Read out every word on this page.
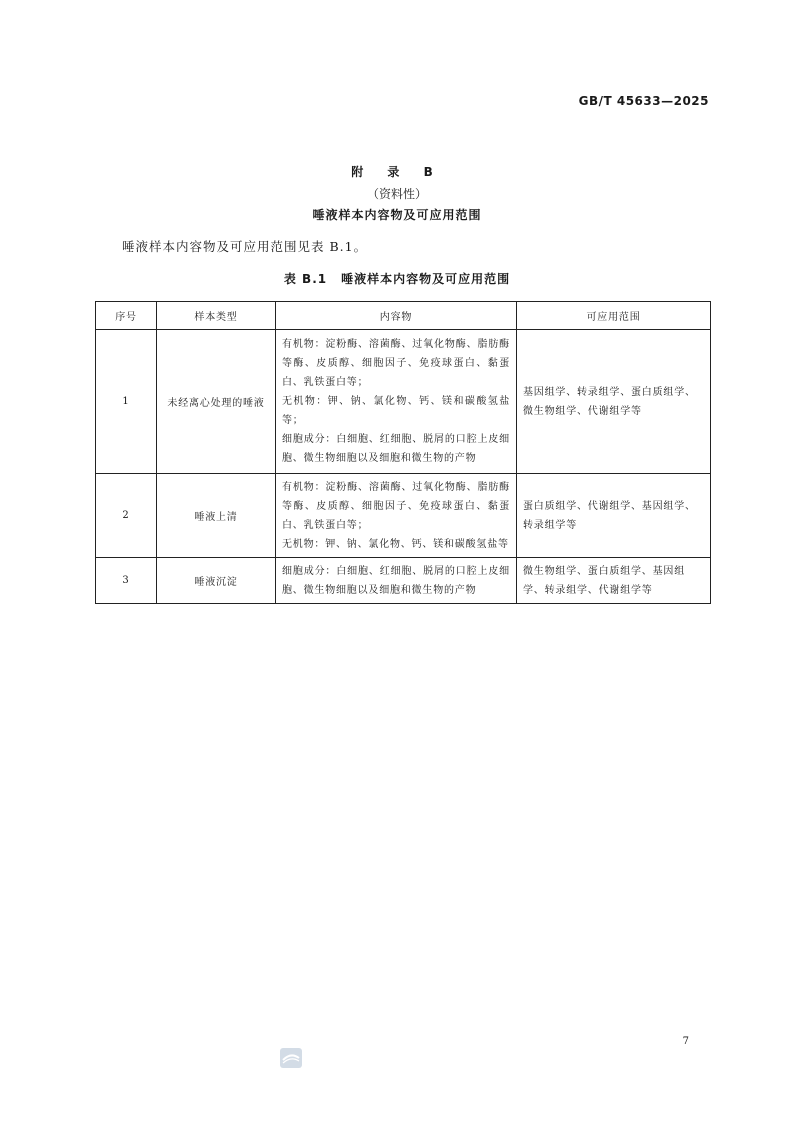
GB/T 45633—2025
附 录 B
（资料性）
唾液样本内容物及可应用范围
唾液样本内容物及可应用范围见表 B.1。
表 B.1 唾液样本内容物及可应用范围
序号	样本类型	内容物	可应用范围
1	未经离心处理的唾液	有机物：淀粉酶、溶菌酶、过氧化物酶、脂肪酶等酶、皮质醇、细胞因子、免疫球蛋白、黏蛋白、乳铁蛋白等；
无机物：钾、钠、氯化物、钙、镁和碳酸氢盐等；
细胞成分：白细胞、红细胞、脱屑的口腔上皮细胞、微生物细胞以及细胞和微生物的产物	基因组学、转录组学、蛋白质组学、微生物组学、代谢组学等
2	唾液上清	有机物：淀粉酶、溶菌酶、过氧化物酶、脂肪酶等酶、皮质醇、细胞因子、免疫球蛋白、黏蛋白、乳铁蛋白等；
无机物：钾、钠、氯化物、钙、镁和碳酸氢盐等	蛋白质组学、代谢组学、基因组学、转录组学等
3	唾液沉淀	细胞成分：白细胞、红细胞、脱屑的口腔上皮细胞、微生物细胞以及细胞和微生物的产物	微生物组学、蛋白质组学、基因组学、转录组学、代谢组学等
7
